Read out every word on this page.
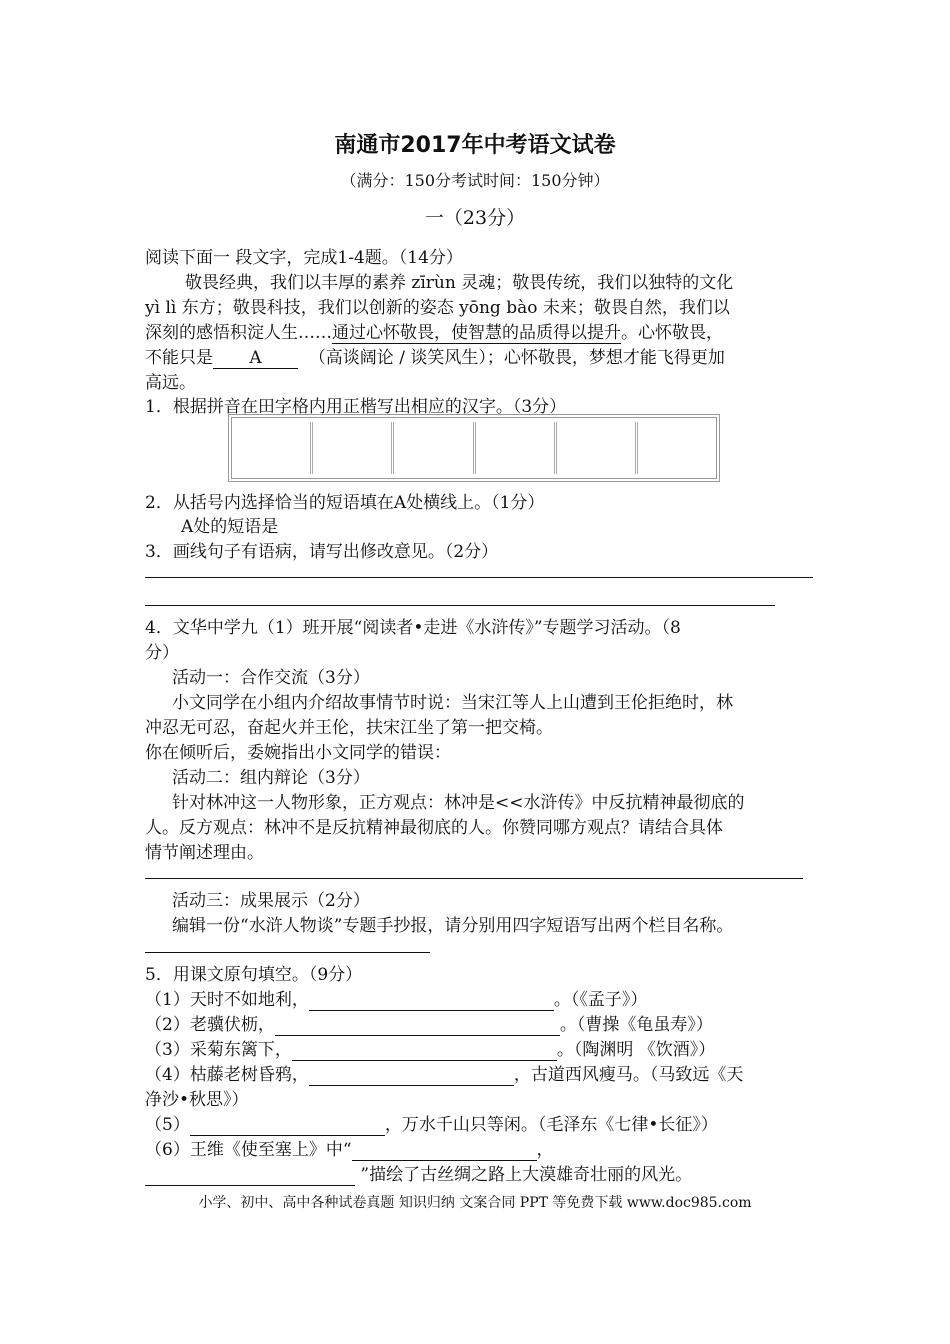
南通市2017年中考语文试卷
（满分：150分考试时间：150分钟）
一（23分）
阅读下面一 段文字，完成1-4题。（14分）
敬畏经典，我们以丰厚的素养 zīrùn 灵魂；敬畏传统，我们以独特的文化
yì lì 东方；敬畏科技，我们以创新的姿态 yōng bào 未来；敬畏自然，我们以
深刻的感悟积淀人生……通过心怀敬畏，使智慧的品质得以提升。心怀敬畏，
不能只是 A	（高谈阔论 / 谈笑风生）；心怀敬畏，梦想才能飞得更加
高远。
1．根据拼音在田字格内用正楷写出相应的汉字。（3分）
2．从括号内选择恰当的短语填在A处横线上。（1分）
A处的短语是
3．画线句子有语病，请写出修改意见。（2分）
4．文华中学九（1）班开展“阅读者•走进《水浒传》”专题学习活动。（8
分）
活动一：合作交流（3分）
小文同学在小组内介绍故事情节时说：当宋江等人上山遭到王伦拒绝时，林
冲忍无可忍，奋起火并王伦，扶宋江坐了第一把交椅。
你在倾听后，委婉指出小文同学的错误：
活动二：组内辩论（3分）
针对林冲这一人物形象，正方观点：林冲是<<水浒传》中反抗精神最彻底的
人。反方观点：林冲不是反抗精神最彻底的人。你赞同哪方观点？请结合具体
情节阐述理由。
活动三：成果展示（2分）
编辑一份“水浒人物谈”专题手抄报，请分别用四字短语写出两个栏目名称。
5．用课文原句填空。（9分）
（1）天时不如地利，	。（《孟子》）
（2）老骥伏枥，	。（曹操《龟虽寿》）
（3）采菊东篱下，	。（陶渊明 《饮酒》）
（4）枯藤老树昏鸦，	，古道西风瘦马。（马致远《天
净沙•秋思》）
（5）	，万水千山只等闲。（毛泽东《七律•长征》）
（6）王维《使至塞上》中“	，
”描绘了古丝绸之路上大漠雄奇壮丽的风光。
小学、初中、高中各种试卷真题 知识归纳 文案合同 PPT 等免费下载 www.doc985.com
